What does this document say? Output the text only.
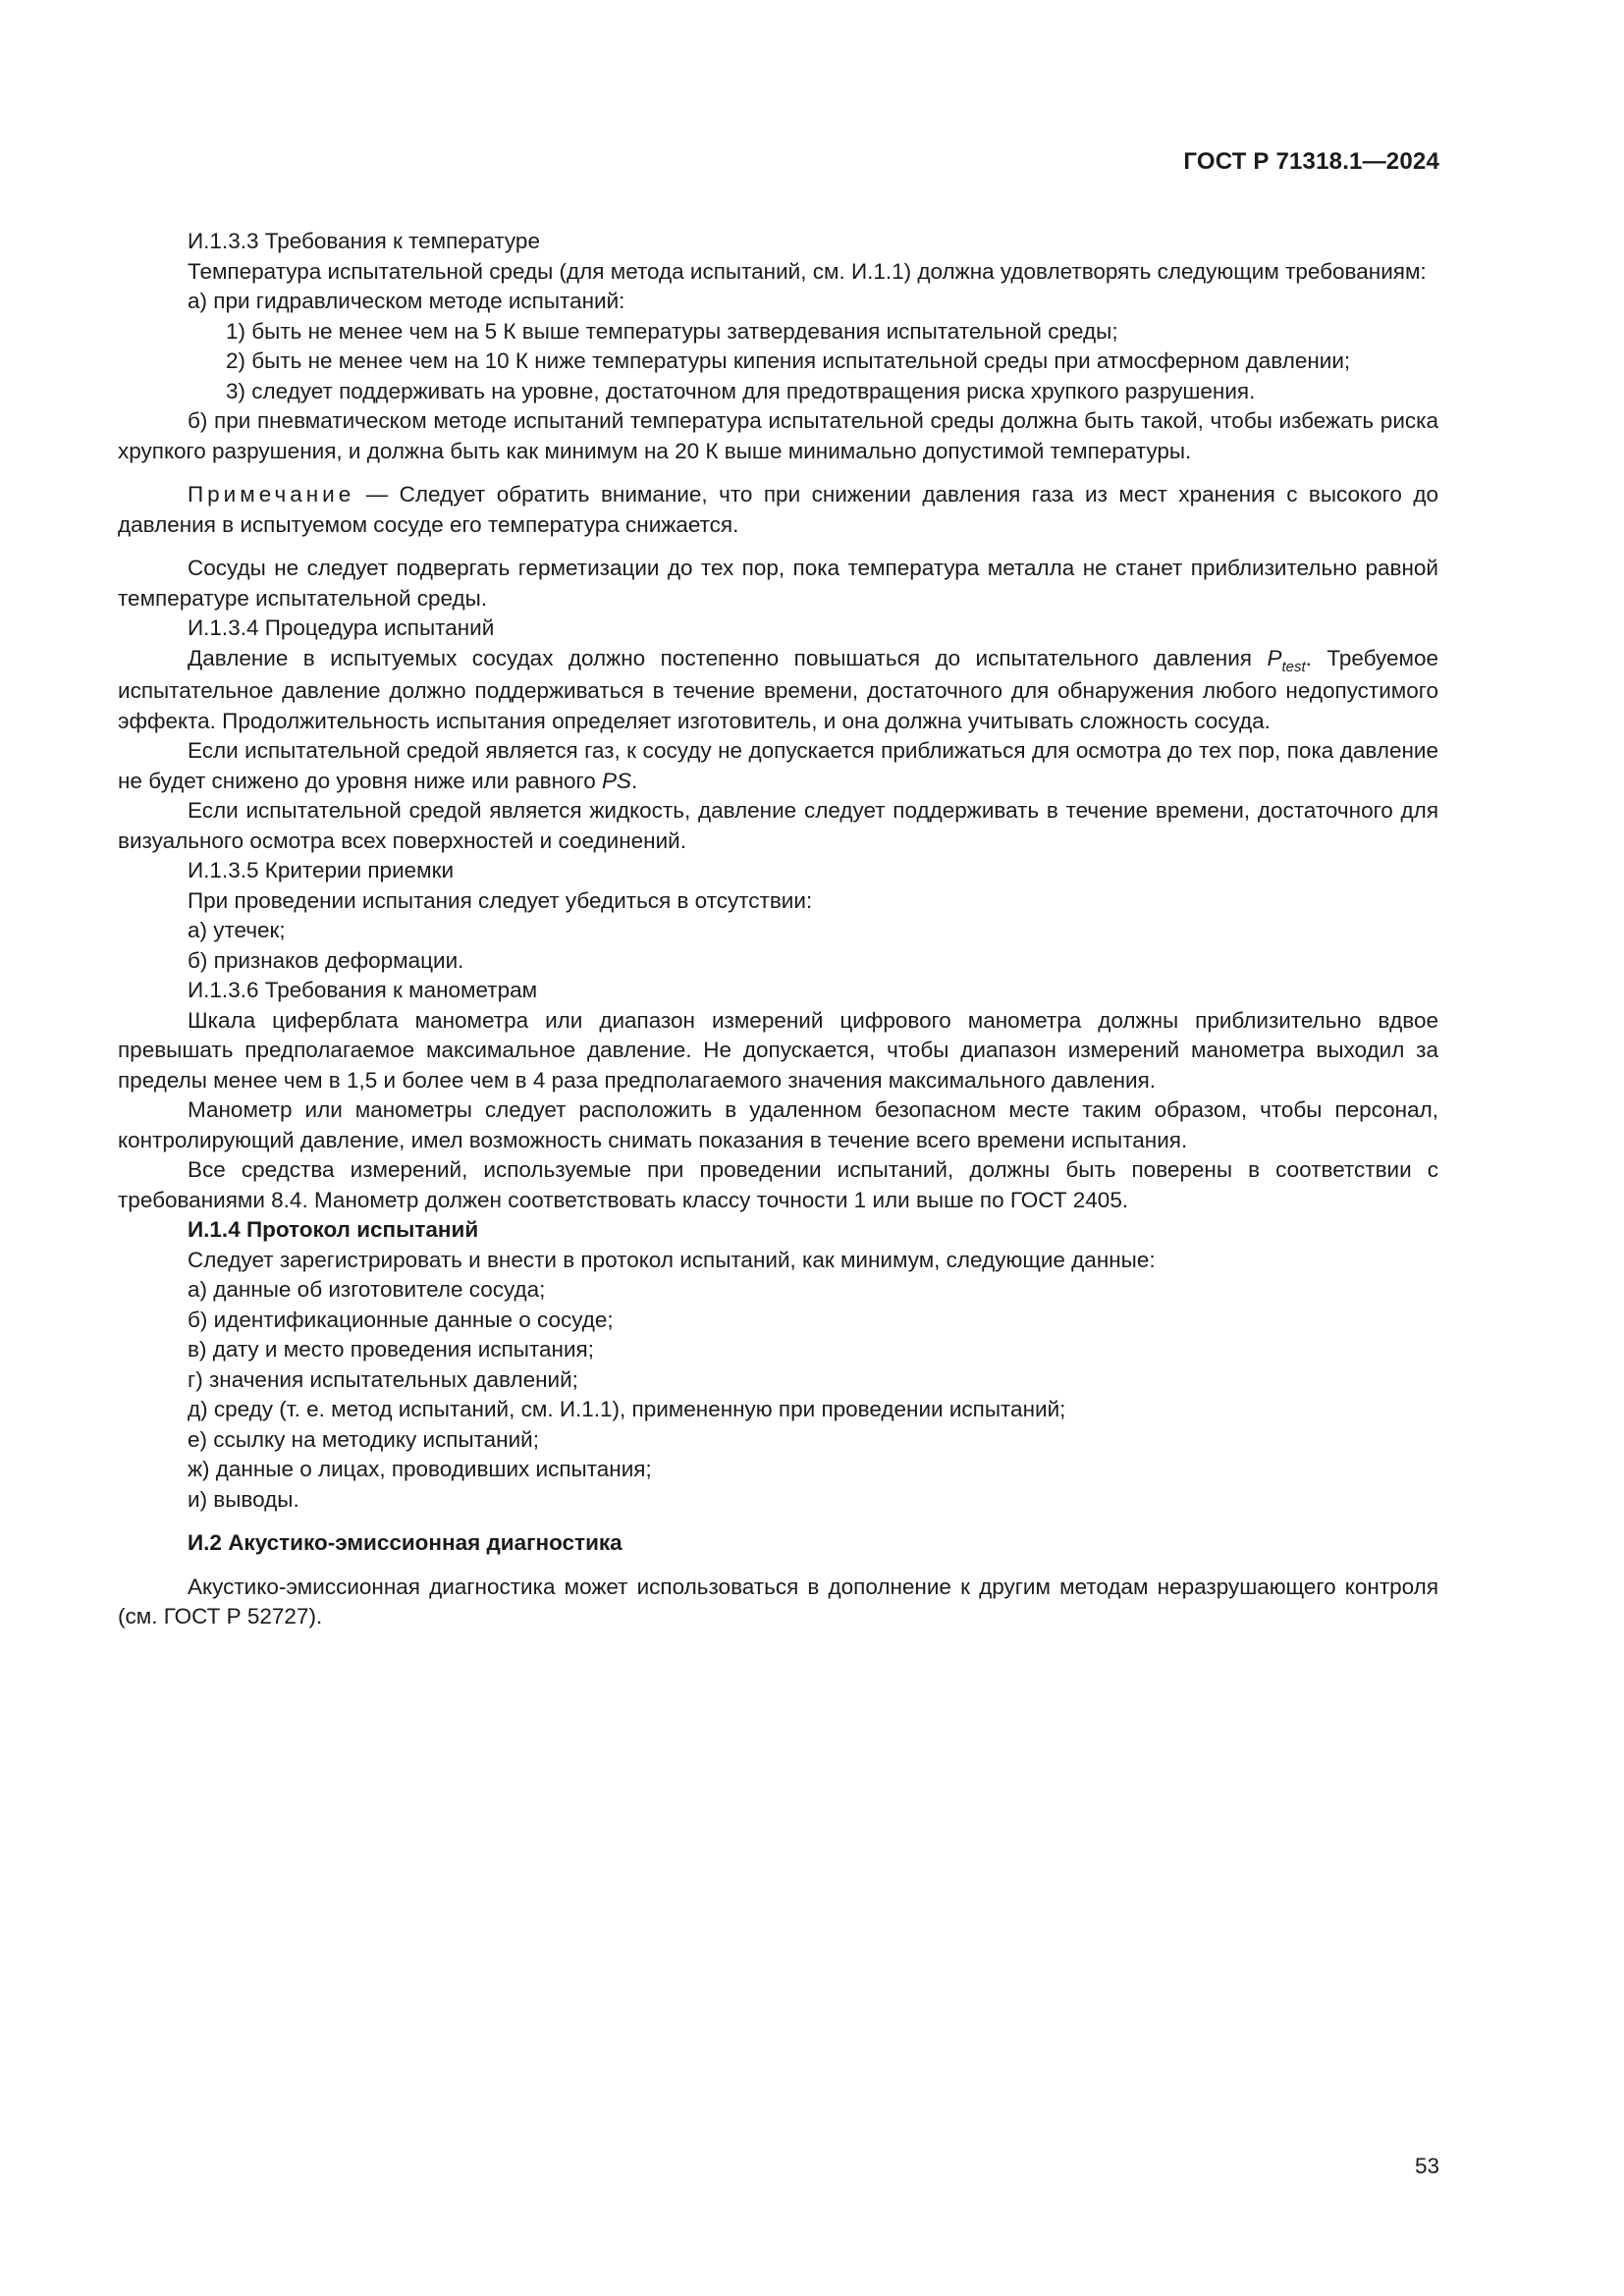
ГОСТ Р 71318.1—2024

И.1.3.3 Требования к температуре

Температура испытательной среды (для метода испытаний, см. И.1.1) должна удовлетворять следующим требованиям:

а) при гидравлическом методе испытаний:

1) быть не менее чем на 5 К выше температуры затвердевания испытательной среды;

2) быть не менее чем на 10 К ниже температуры кипения испытательной среды при атмосферном давлении;

3) следует поддерживать на уровне, достаточном для предотвращения риска хрупкого разрушения.

б) при пневматическом методе испытаний температура испытательной среды должна быть такой, чтобы избежать риска хрупкого разрушения, и должна быть как минимум на 20 К выше минимально допустимой температуры.

Примечание — Следует обратить внимание, что при снижении давления газа из мест хранения с высокого до давления в испытуемом сосуде его температура снижается.

Сосуды не следует подвергать герметизации до тех пор, пока температура металла не станет приблизительно равной температуре испытательной среды.

И.1.3.4 Процедура испытаний

Давление в испытуемых сосудах должно постепенно повышаться до испытательного давления $P_{test}$. Требуемое испытательное давление должно поддерживаться в течение времени, достаточного для обнаружения любого недопустимого эффекта. Продолжительность испытания определяет изготовитель, и она должна учитывать сложность сосуда.

Если испытательной средой является газ, к сосуду не допускается приближаться для осмотра до тех пор, пока давление не будет снижено до уровня ниже или равного PS.

Если испытательной средой является жидкость, давление следует поддерживать в течение времени, достаточного для визуального осмотра всех поверхностей и соединений.

И.1.3.5 Критерии приемки

При проведении испытания следует убедиться в отсутствии:

а) утечек;

б) признаков деформации.

И.1.3.6 Требования к манометрам

Шкала циферблата манометра или диапазон измерений цифрового манометра должны приблизительно вдвое превышать предполагаемое максимальное давление. Не допускается, чтобы диапазон измерений манометра выходил за пределы менее чем в 1,5 и более чем в 4 раза предполагаемого значения максимального давления.

Манометр или манометры следует расположить в удаленном безопасном месте таким образом, чтобы персонал, контролирующий давление, имел возможность снимать показания в течение всего времени испытания.

Все средства измерений, используемые при проведении испытаний, должны быть поверены в соответствии с требованиями 8.4. Манометр должен соответствовать классу точности 1 или выше по ГОСТ 2405.

И.1.4 Протокол испытаний

Следует зарегистрировать и внести в протокол испытаний, как минимум, следующие данные:

а) данные об изготовителе сосуда;

б) идентификационные данные о сосуде;

в) дату и место проведения испытания;

г) значения испытательных давлений;

д) среду (т. е. метод испытаний, см. И.1.1), примененную при проведении испытаний;

е) ссылку на методику испытаний;

ж) данные о лицах, проводивших испытания;

и) выводы.

И.2 Акустико-эмиссионная диагностика

Акустико-эмиссионная диагностика может использоваться в дополнение к другим методам неразрушающего контроля (см. ГОСТ Р 52727).

53
